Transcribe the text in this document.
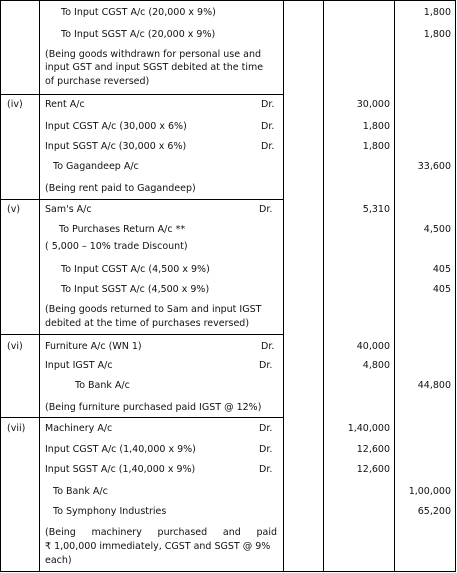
To Input CGST A/c (20,000 x 9%)	1,800
To Input SGST A/c (20,000 x 9%)	1,800
(Being goods withdrawn for personal use and
input GST and input SGST debited at the time
of purchase reversed)
(iv) Rent A/c	Dr.	30,000
Input CGST A/c (30,000 x 6%)	Dr.	1,800
Input SGST A/c (30,000 x 6%)	Dr.	1,800
To Gagandeep A/c	33,600
(Being rent paid to Gagandeep)
(v)	Sam's A/c	Dr.	5,310
To Purchases Return A/c **	4,500
( 5,000 – 10% trade Discount)
To Input CGST A/c (4,500 x 9%)	405
To Input SGST A/c (4,500 x 9%)	405
(Being goods returned to Sam and input IGST
debited at the time of purchases reversed)
(vi) Furniture A/c (WN 1)	Dr.	40,000
Input IGST A/c	Dr.	4,800
To Bank A/c	44,800
(Being furniture purchased paid IGST @ 12%)
(vii) Machinery A/c	Dr.	1,40,000
Input CGST A/c (1,40,000 x 9%)	Dr.	12,600
Input SGST A/c (1,40,000 x 9%)	Dr.	12,600
To Bank A/c	1,00,000
To Symphony Industries	65,200
(Being machinery purchased and paid
₹ 1,00,000 immediately, CGST and SGST @ 9%
each)
